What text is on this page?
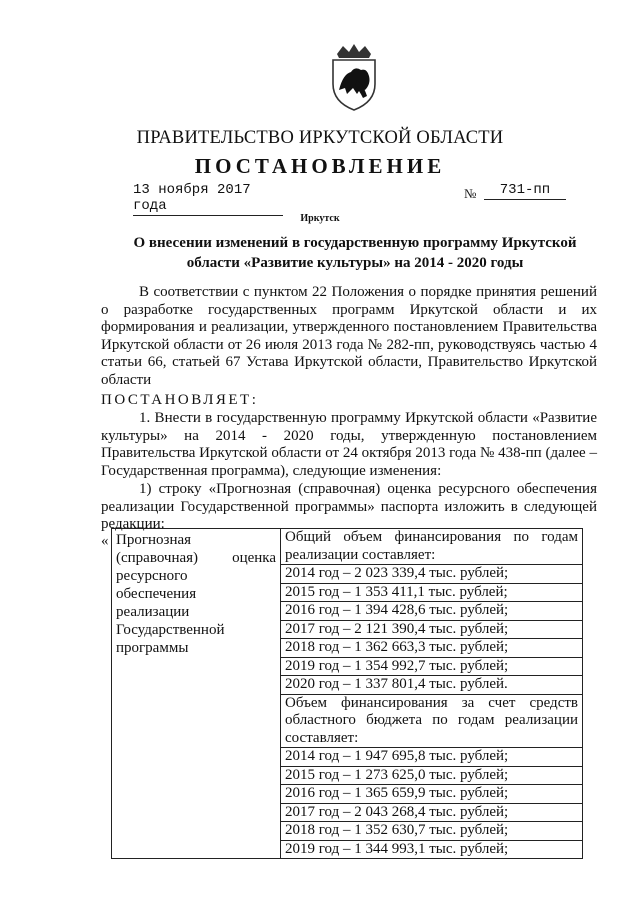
ПРАВИТЕЛЬСТВО ИРКУТСКОЙ ОБЛАСТИ
ПОСТАНОВЛЕНИЕ
13 ноября 2017 года
№	731-пп
Иркутск
О внесении изменений в государственную программу Иркутской области «Развитие культуры» на 2014 - 2020 годы

В соответствии с пунктом 22 Положения о порядке принятия решений о разработке государственных программ Иркутской области и их формирования и реализации, утвержденного постановлением Правительства Иркутской области от 26 июля 2013 года № 282-пп, руководствуясь частью 4 статьи 66, статьей 67 Устава Иркутской области, Правительство Иркутской области

ПОСТАНОВЛЯЕТ:

1. Внести в государственную программу Иркутской области «Развитие культуры» на 2014 - 2020 годы, утвержденную постановлением Правительства Иркутской области от 24 октября 2013 года № 438-пп (далее – Государственная программа), следующие изменения:

1) строку «Прогнозная (справочная) оценка ресурсного обеспечения реализации Государственной программы» паспорта изложить в следующей редакции:

« Прогнозная
(справочная) оценка
ресурсного
обеспечения
реализации
Государственной
программы

Общий объем финансирования по годам реализации составляет:
2014 год – 2 023 339,4 тыс. рублей;
2015 год – 1 353 411,1 тыс. рублей;
2016 год – 1 394 428,6 тыс. рублей;
2017 год – 2 121 390,4 тыс. рублей;
2018 год – 1 362 663,3 тыс. рублей;
2019 год – 1 354 992,7 тыс. рублей;
2020 год – 1 337 801,4 тыс. рублей.
Объем финансирования за счет средств областного бюджета по годам реализации составляет:
2014 год – 1 947 695,8 тыс. рублей;
2015 год – 1 273 625,0 тыс. рублей;
2016 год – 1 365 659,9 тыс. рублей;
2017 год – 2 043 268,4 тыс. рублей;
2018 год – 1 352 630,7 тыс. рублей;
2019 год – 1 344 993,1 тыс. рублей;
